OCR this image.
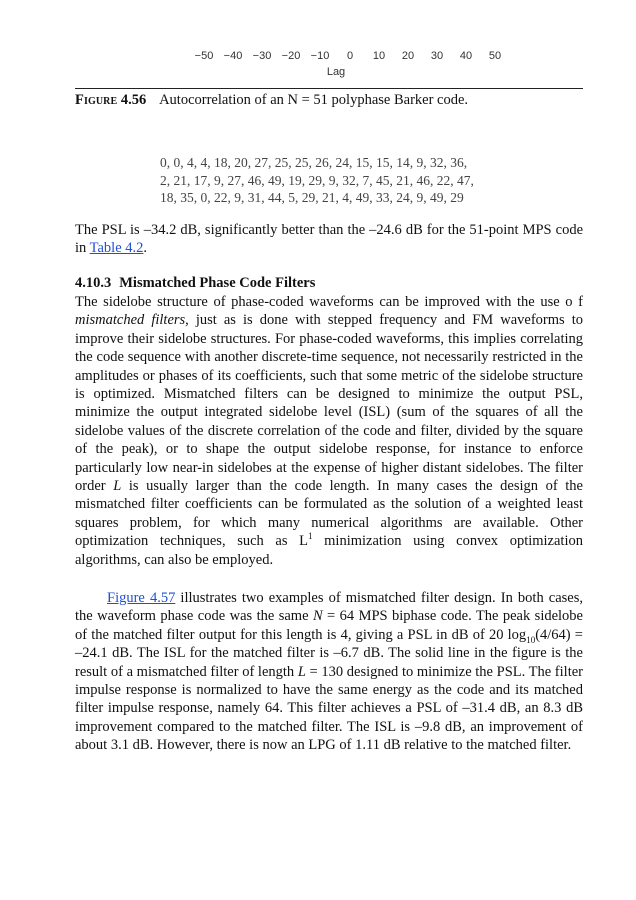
−50 −40 −30 −20 −10 0 10 20 30 40 50
Lag
Figure 4.56 Autocorrelation of an N = 51 polyphase Barker code.
0, 0, 4, 4, 18, 20, 27, 25, 25, 26, 24, 15, 15, 14, 9, 32, 36,
2, 21, 17, 9, 27, 46, 49, 19, 29, 9, 32, 7, 45, 21, 46, 22, 47,
18, 35, 0, 22, 9, 31, 44, 5, 29, 21, 4, 49, 33, 24, 9, 49, 29

The PSL is –34.2 dB, significantly better than the –24.6 dB for the 51-point MPS code in Table 4.2.

4.10.3 Mismatched Phase Code Filters

The sidelobe structure of phase-coded waveforms can be improved with the use o f mismatched filters, just as is done with stepped frequency and FM waveforms to improve their sidelobe structures. For phase-coded waveforms, this implies correlating the code sequence with another discrete-time sequence, not necessarily restricted in the amplitudes or phases of its coefficients, such that some metric of the sidelobe structure is optimized. Mismatched filters can be designed to minimize the output PSL, minimize the output integrated sidelobe level (ISL) (sum of the squares of all the sidelobe values of the discrete correlation of the code and filter, divided by the square of the peak), or to shape the output sidelobe response, for instance to enforce particularly low near-in sidelobes at the expense of higher distant sidelobes. The filter order L is usually larger than the code length. In many cases the design of the mismatched filter coefficients can be formulated as the solution of a weighted least squares problem, for which many numerical algorithms are available. Other optimization techniques, such as $L^1$ minimization using convex optimization algorithms, can also be employed.

Figure 4.57 illustrates two examples of mismatched filter design. In both cases, the waveform phase code was the same N = 64 MPS biphase code. The peak sidelobe of the matched filter output for this length is 4, giving a PSL in dB of 20 $\log_{10}(4/64) = -24.1$ dB. The ISL for the matched filter is –6.7 dB. The solid line in the figure is the result of a mismatched filter of length L = 130 designed to minimize the PSL. The filter impulse response is normalized to have the same energy as the code and its matched filter impulse response, namely 64. This filter achieves a PSL of –31.4 dB, an 8.3 dB improvement compared to the matched filter. The ISL is –9.8 dB, an improvement of about 3.1 dB. However, there is now an LPG of 1.11 dB relative to the matched filter.
